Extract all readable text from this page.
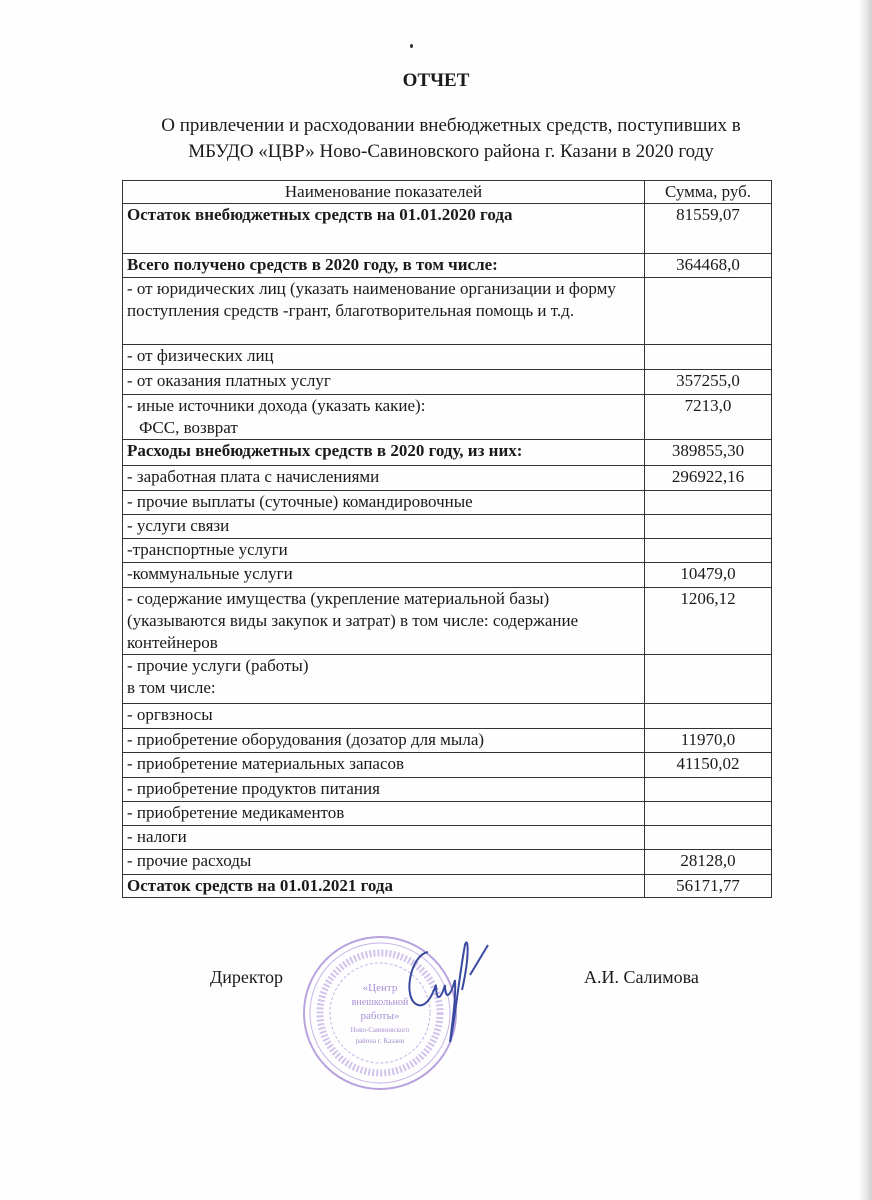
ОТЧЕТ
О привлечении и расходовании внебюджетных средств, поступивших в
МБУДО «ЦВР» Ново-Савиновского района г. Казани в 2020 году
Наименование показателей	Сумма, руб.

Остаток внебюджетных средств на 01.01.2020 года	81559,07

Всего получено средств в 2020 году, в том числе:	364468,0

- от юридических лиц (указать наименование организации и форму поступления средств -грант, благотворительная помощь и т.д.	

- от физических лиц	

- от оказания платных услуг	357255,0

- иные источники дохода (указать какие):
ФСС, возврат	7213,0

Расходы внебюджетных средств в 2020 году, из них:	389855,30

- заработная плата с начислениями	296922,16

- прочие выплаты (суточные) командировочные	

- услуги связи	

-транспортные услуги	

-коммунальные услуги	10479,0

- содержание имущества (укрепление материальной базы) (указываются виды закупок и затрат) в том числе: содержание контейнеров	1206,12

- прочие услуги (работы)
в том числе:	

- оргвзносы	

- приобретение оборудования (дозатор для мыла)	11970,0

- приобретение материальных запасов	41150,02

- приобретение продуктов питания	

- приобретение медикаментов	

- налоги	

- прочие расходы	28128,0

Остаток средств на 01.01.2021 года	56171,77
Директор	А.И. Салимова
«Центр
внешкольной
работы»
Ново-Савиновского
района г. Казани
